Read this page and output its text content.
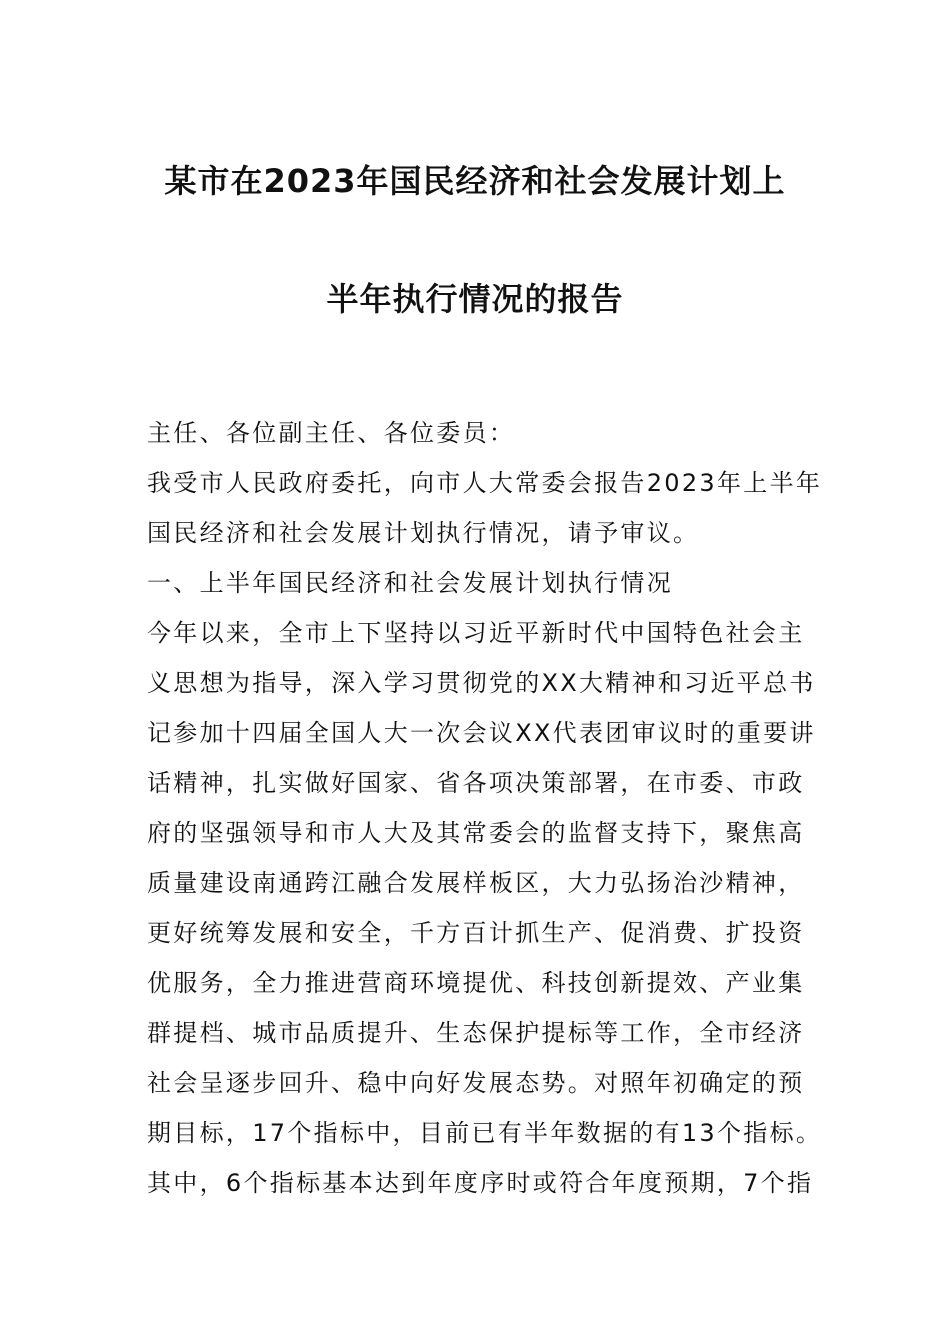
某市在2023年国民经济和社会发展计划上
半年执行情况的报告
主任、各位副主任、各位委员：
我受市人民政府委托，向市人大常委会报告2023年上半年
国民经济和社会发展计划执行情况，请予审议。
一、上半年国民经济和社会发展计划执行情况
今年以来，全市上下坚持以习近平新时代中国特色社会主
义思想为指导，深入学习贯彻党的XX大精神和习近平总书
记参加十四届全国人大一次会议XX代表团审议时的重要讲
话精神，扎实做好国家、省各项决策部署，在市委、市政
府的坚强领导和市人大及其常委会的监督支持下，聚焦高
质量建设南通跨江融合发展样板区，大力弘扬治沙精神，
更好统筹发展和安全，千方百计抓生产、促消费、扩投资
优服务，全力推进营商环境提优、科技创新提效、产业集
群提档、城市品质提升、生态保护提标等工作，全市经济
社会呈逐步回升、稳中向好发展态势。对照年初确定的预
期目标，17个指标中，目前已有半年数据的有13个指标。
其中，6个指标基本达到年度序时或符合年度预期，7个指
